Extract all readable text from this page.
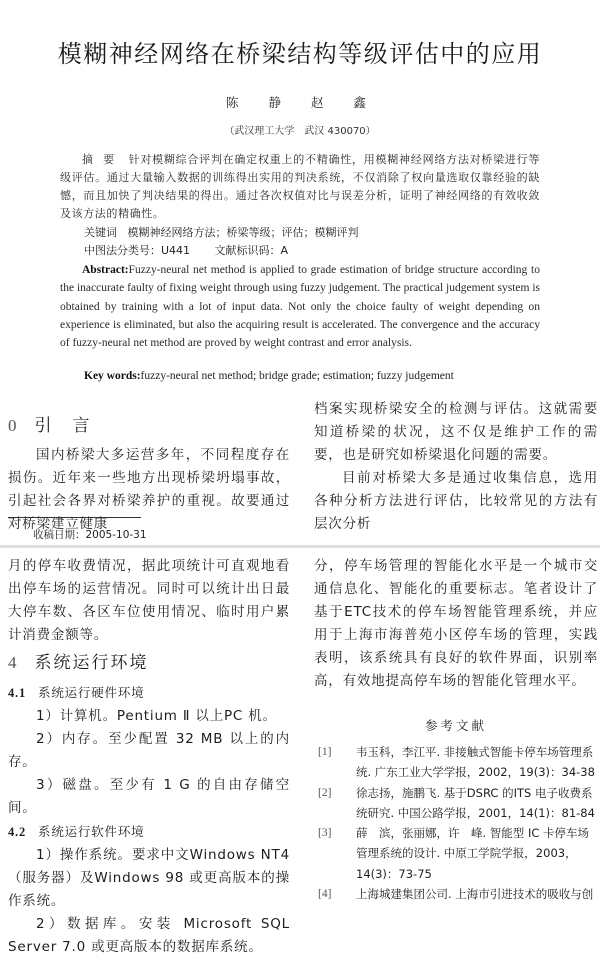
模糊神经网络在桥梁结构等级评估中的应用
陈 静 赵 鑫
（武汉理工大学　武汉 430070）
摘要 针对模糊综合评判在确定权重上的不精确性，用模糊神经网络方法对桥梁进行等级评估。通过大量输入数据的训练得出实用的判决系统，不仅消除了权向量选取仅靠经验的缺憾，而且加快了判决结果的得出。通过各次权值对比与误差分析，证明了神经网络的有效收敛及该方法的精确性。
关键词 模糊神经网络方法；桥梁等级；评估；模糊评判
中图法分类号：U441 文献标识码：A
Abstract:Fuzzy-neural net method is applied to grade estimation of bridge structure according to the inaccurate faulty of fixing weight through using fuzzy judgement. The practical judgement system is obtained by training with a lot of input data. Not only the choice faulty of weight depending on experience is eliminated, but also the acquiring result is accelerated. The convergence and the accuracy of fuzzy-neural net method are proved by weight contrast and error analysis.
Key words:fuzzy-neural net method; bridge grade; estimation; fuzzy judgement
0 引　言
国内桥梁大多运营多年，不同程度存在损伤。近年来一些地方出现桥梁坍塌事故，引起社会各界对桥梁养护的重视。故要通过对桥梁建立健康
收稿日期：2005-10-31
档案实现桥梁安全的检测与评估。这就需要知道桥梁的状况，这不仅是维护工作的需要，也是研究如桥梁退化问题的需要。
目前对桥梁大多是通过收集信息，选用各种分析方法进行评估，比较常见的方法有层次分析
月的停车收费情况，据此项统计可直观地看出停车场的运营情况。同时可以统计出日最大停车数、各区车位使用情况、临时用户累计消费金额等。
4 系统运行环境
4.1 系统运行硬件环境
1）计算机。Pentium Ⅱ 以上PC 机。
2）内存。至少配置 32 MB 以上的内存。
3）磁盘。至少有 1 G 的自由存储空间。
4.2 系统运行软件环境
1）操作系统。要求中文Windows NT4（服务器）及Windows 98 或更高版本的操作系统。
2）数据库。安装 Microsoft SQL Server 7.0 或更高版本的数据库系统。
分，停车场管理的智能化水平是一个城市交通信息化、智能化的重要标志。笔者设计了基于ETC技术的停车场智能管理系统，并应用于上海市海普苑小区停车场的管理，实践表明，该系统具有良好的软件界面，识别率高，有效地提高停车场的智能化管理水平。
参考文献
[1] 韦玉科，李江平. 非接触式智能卡停车场管理系统. 广东工业大学学报，2002，19(3)：34-38
[2] 徐志扬，施鹏飞. 基于DSRC 的ITS 电子收费系统研究. 中国公路学报，2001，14(1)：81-84
[3] 薛　滨，张丽娜，许　峰. 智能型 IC 卡停车场管理系统的设计. 中原工学院学报，2003，14(3)：73-75
[4] 上海城建集团公司. 上海市引进技术的吸收与创
